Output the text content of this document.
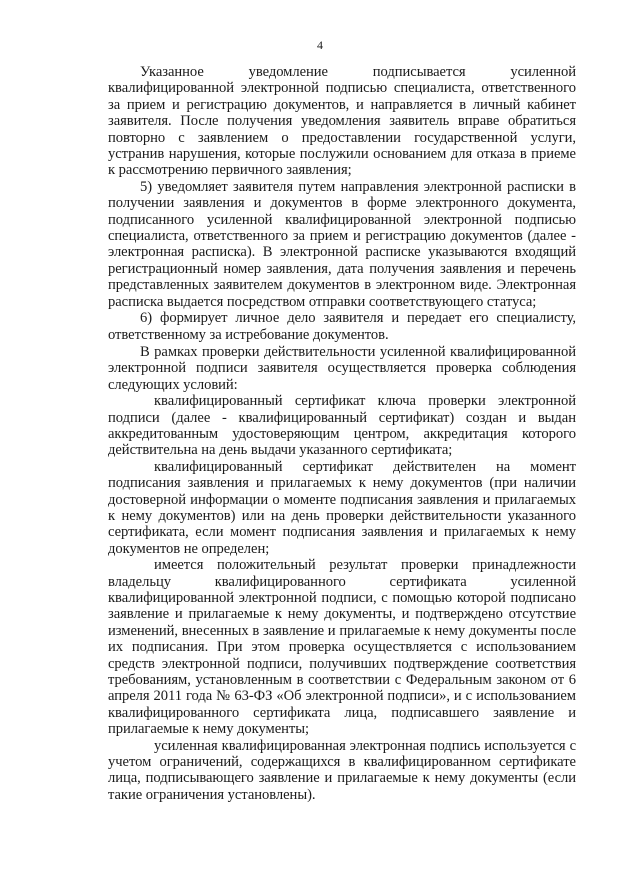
4

Указанное уведомление подписывается усиленной квалифицированной электронной подписью специалиста, ответственного за прием и регистрацию документов, и направляется в личный кабинет заявителя. После получения уведомления заявитель вправе обратиться повторно с заявлением о предоставлении государственной услуги, устранив нарушения, которые послужили основанием для отказа в приеме к рассмотрению первичного заявления;

5) уведомляет заявителя путем направления электронной расписки в получении заявления и документов в форме электронного документа, подписанного усиленной квалифицированной электронной подписью специалиста, ответственного за прием и регистрацию документов (далее - электронная расписка). В электронной расписке указываются входящий регистрационный номер заявления, дата получения заявления и перечень представленных заявителем документов в электронном виде. Электронная расписка выдается посредством отправки соответствующего статуса;

6) формирует личное дело заявителя и передает его специалисту, ответственному за истребование документов.

В рамках проверки действительности усиленной квалифицированной электронной подписи заявителя осуществляется проверка соблюдения следующих условий:

квалифицированный сертификат ключа проверки электронной подписи (далее - квалифицированный сертификат) создан и выдан аккредитованным удостоверяющим центром, аккредитация которого действительна на день выдачи указанного сертификата;

квалифицированный сертификат действителен на момент подписания заявления и прилагаемых к нему документов (при наличии достоверной информации о моменте подписания заявления и прилагаемых к нему документов) или на день проверки действительности указанного сертификата, если момент подписания заявления и прилагаемых к нему документов не определен;

имеется положительный результат проверки принадлежности владельцу квалифицированного сертификата усиленной квалифицированной электронной подписи, с помощью которой подписано заявление и прилагаемые к нему документы, и подтверждено отсутствие изменений, внесенных в заявление и прилагаемые к нему документы после их подписания. При этом проверка осуществляется с использованием средств электронной подписи, получивших подтверждение соответствия требованиям, установленным в соответствии с Федеральным законом от 6 апреля 2011 года № 63-ФЗ «Об электронной подписи», и с использованием квалифицированного сертификата лица, подписавшего заявление и прилагаемые к нему документы;

усиленная квалифицированная электронная подпись используется с учетом ограничений, содержащихся в квалифицированном сертификате лица, подписывающего заявление и прилагаемые к нему документы (если такие ограничения установлены).
